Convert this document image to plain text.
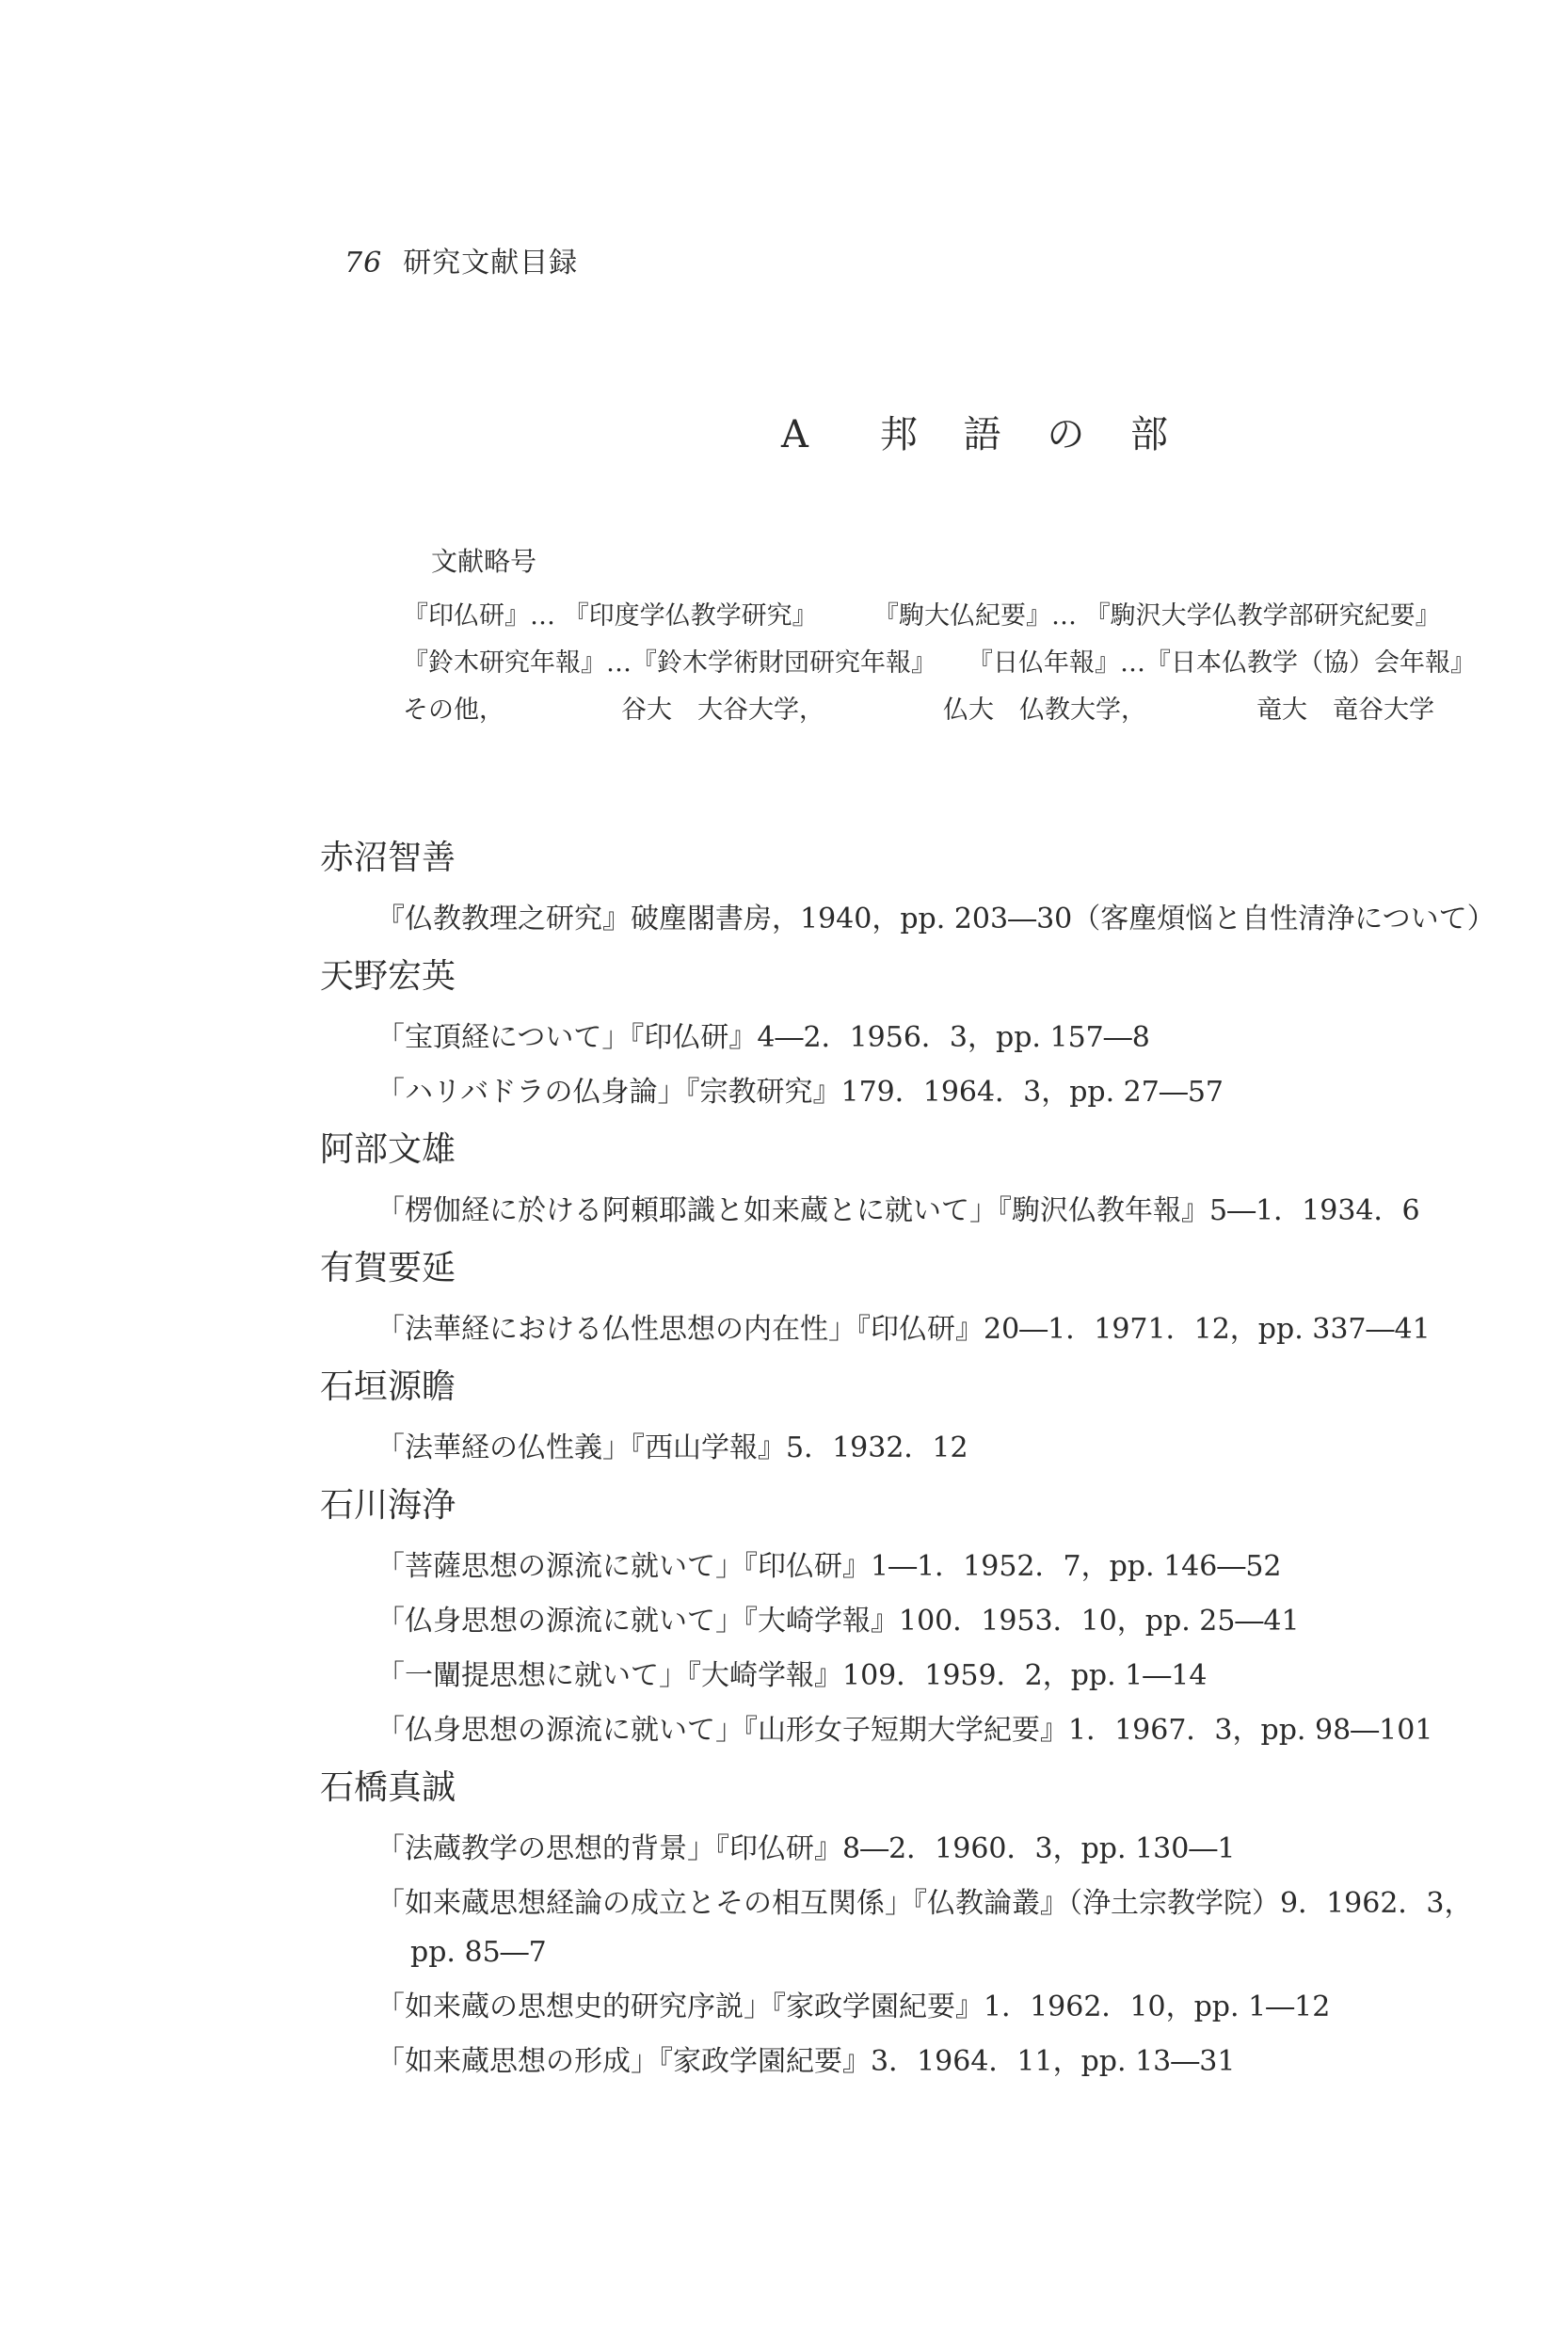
76 研究文献目録
A　邦 語 の 部
文献略号
『印仏研』… 『印度学仏教学研究』 『駒大仏紀要』… 『駒沢大学仏教学部研究紀要』
『鈴木研究年報』…『鈴木学術財団研究年報』 『日仏年報』…『日本仏教学（協）会年報』
その他，	谷大　大谷大学，	仏大　仏教大学，	竜大　竜谷大学
赤沼智善
『仏教教理之研究』破塵閣書房，1940，pp. 203―30（客塵煩悩と自性清浄について）
天野宏英
「宝頂経について」『印仏研』4―2．1956．3，pp. 157―8
「ハリバドラの仏身論」『宗教研究』179．1964．3，pp. 27―57
阿部文雄
「楞伽経に於ける阿頼耶識と如来蔵とに就いて」『駒沢仏教年報』5―1．1934．6
有賀要延
「法華経における仏性思想の内在性」『印仏研』20―1．1971．12，pp. 337―41
石垣源瞻
「法華経の仏性義」『西山学報』5．1932．12
石川海浄
「菩薩思想の源流に就いて」『印仏研』1―1．1952．7，pp. 146―52
「仏身思想の源流に就いて」『大崎学報』100．1953．10，pp. 25―41
「一闡提思想に就いて」『大崎学報』109．1959．2，pp. 1―14
「仏身思想の源流に就いて」『山形女子短期大学紀要』1．1967．3，pp. 98―101
石橋真誠
「法蔵教学の思想的背景」『印仏研』8―2．1960．3，pp. 130―1
「如来蔵思想経論の成立とその相互関係」『仏教論叢』（浄土宗教学院）9．1962．3，
pp. 85―7
「如来蔵の思想史的研究序説」『家政学園紀要』1．1962．10，pp. 1―12
「如来蔵思想の形成」『家政学園紀要』3．1964．11，pp. 13―31
